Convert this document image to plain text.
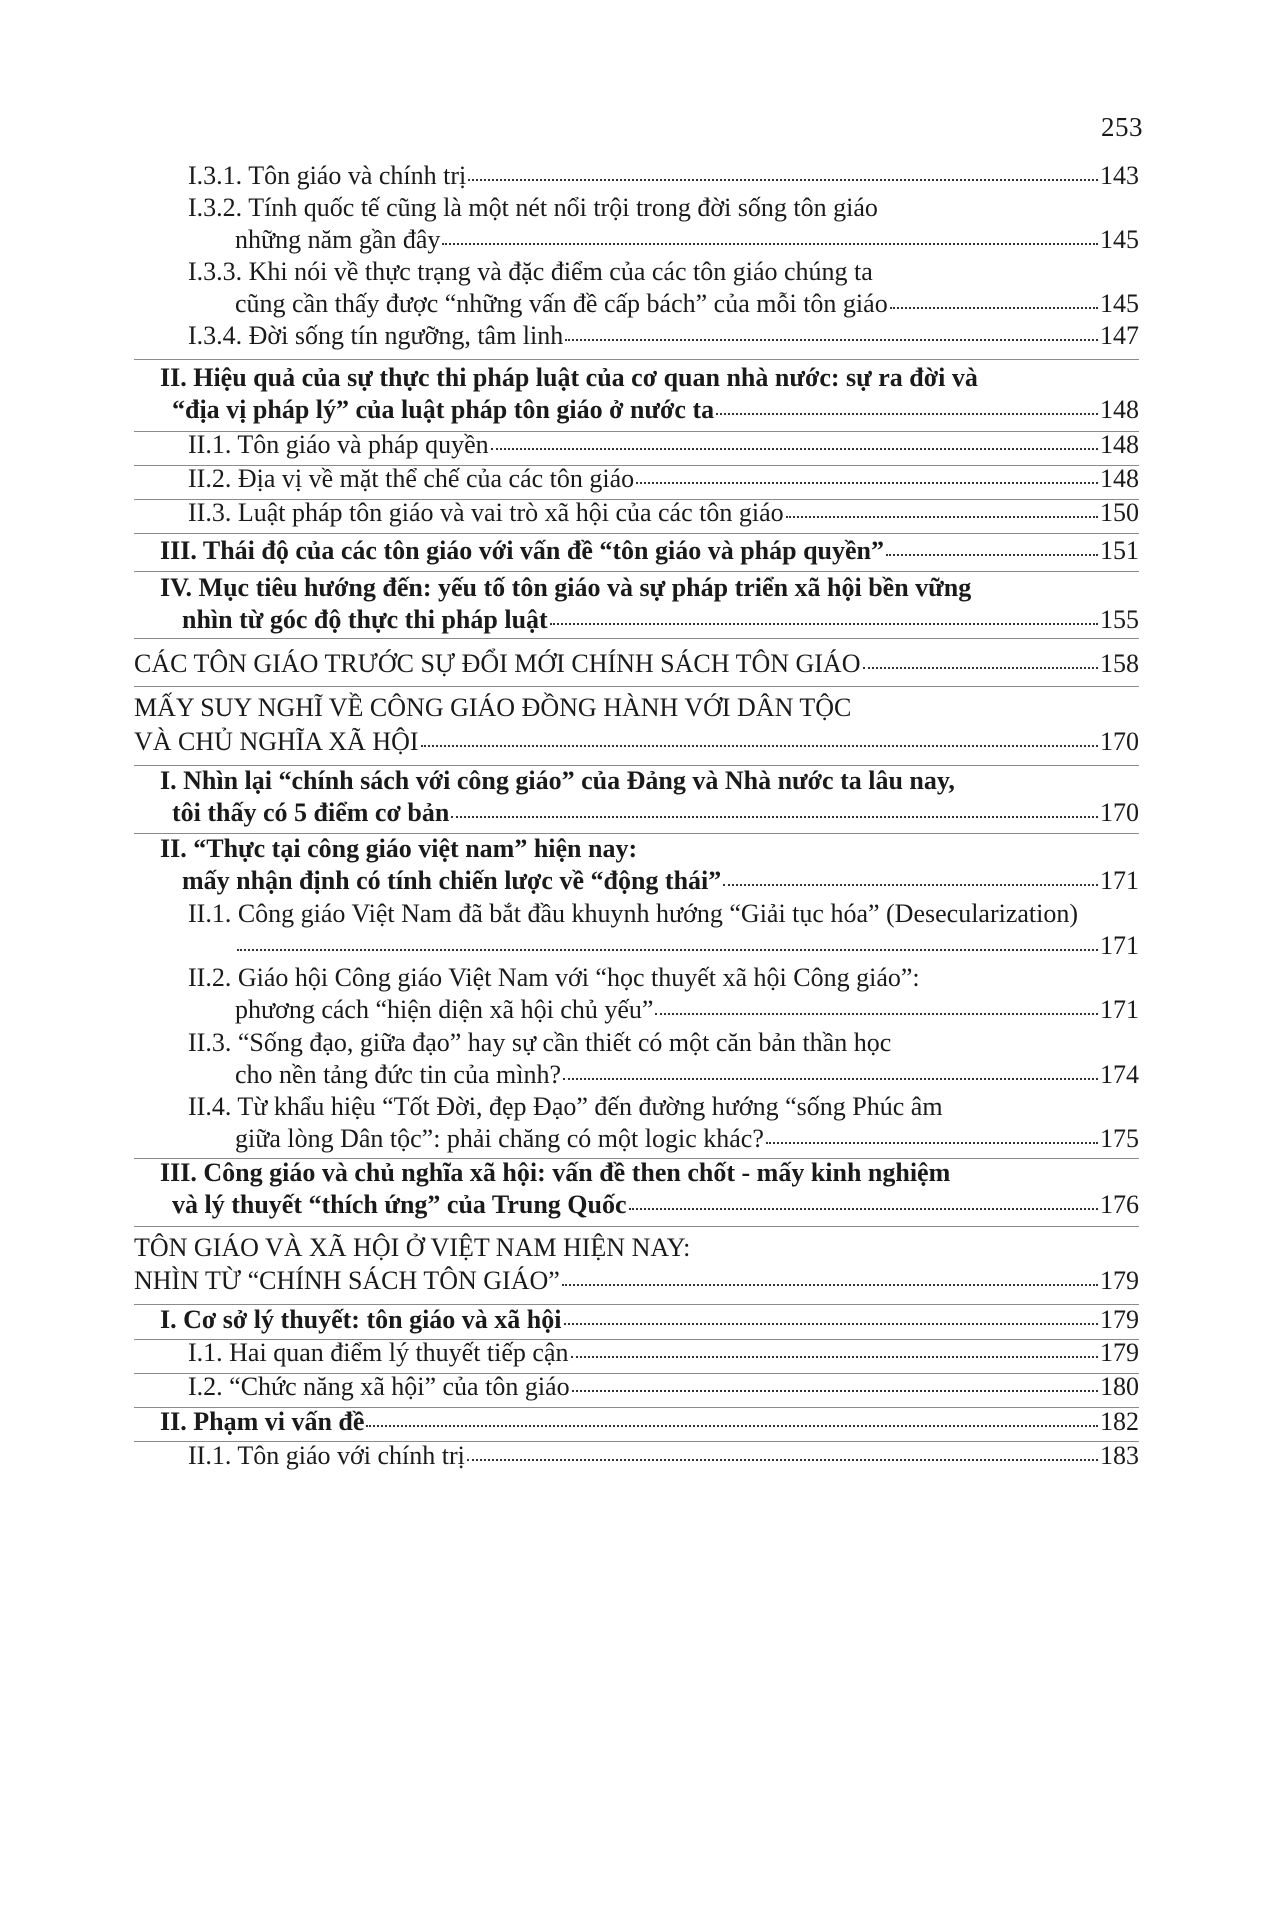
253
I.3.1. Tôn giáo và chính trị	143
I.3.2. Tính quốc tế cũng là một nét nổi trội trong đời sống tôn giáo
những năm gần đây	145
I.3.3. Khi nói về thực trạng và đặc điểm của các tôn giáo chúng ta
cũng cần thấy được “những vấn đề cấp bách” của mỗi tôn giáo	145
I.3.4. Đời sống tín ngưỡng, tâm linh	147
II. Hiệu quả của sự thực thi pháp luật của cơ quan nhà nước: sự ra đời và
“địa vị pháp lý” của luật pháp tôn giáo ở nước ta	148
II.1. Tôn giáo và pháp quyền	148
II.2. Địa vị về mặt thể chế của các tôn giáo	148
II.3. Luật pháp tôn giáo và vai trò xã hội của các tôn giáo	150
III. Thái độ của các tôn giáo với vấn đề “tôn giáo và pháp quyền”	151
IV. Mục tiêu hướng đến: yếu tố tôn giáo và sự pháp triển xã hội bền vững
nhìn từ góc độ thực thi pháp luật	155
CÁC TÔN GIÁO TRƯỚC SỰ ĐỔI MỚI CHÍNH SÁCH TÔN GIÁO	158
MẤY SUY NGHĨ VỀ CÔNG GIÁO ĐỒNG HÀNH VỚI DÂN TỘC
VÀ CHỦ NGHĨA XÃ HỘI	170
I. Nhìn lại “chính sách với công giáo” của Đảng và Nhà nước ta lâu nay,
tôi thấy có 5 điểm cơ bản	170
II. “Thực tại công giáo việt nam” hiện nay:
mấy nhận định có tính chiến lược về “động thái”	171
II.1. Công giáo Việt Nam đã bắt đầu khuynh hướng “Giải tục hóa” (Desecularization)
171
II.2. Giáo hội Công giáo Việt Nam với “học thuyết xã hội Công giáo”:
phương cách “hiện diện xã hội chủ yếu”	171
II.3. “Sống đạo, giữa đạo” hay sự cần thiết có một căn bản thần học
cho nền tảng đức tin của mình?	174
II.4. Từ khẩu hiệu “Tốt Đời, đẹp Đạo” đến đường hướng “sống Phúc âm
giữa lòng Dân tộc”: phải chăng có một logic khác?	175
III. Công giáo và chủ nghĩa xã hội: vấn đề then chốt - mấy kinh nghiệm
và lý thuyết “thích ứng” của Trung Quốc	176
TÔN GIÁO VÀ XÃ HỘI Ở VIỆT NAM HIỆN NAY:
NHÌN TỪ “CHÍNH SÁCH TÔN GIÁO”	179
I. Cơ sở lý thuyết: tôn giáo và xã hội	179
I.1. Hai quan điểm lý thuyết tiếp cận	179
I.2. “Chức năng xã hội” của tôn giáo	180
II. Phạm vi vấn đề	182
II.1. Tôn giáo với chính trị	183
